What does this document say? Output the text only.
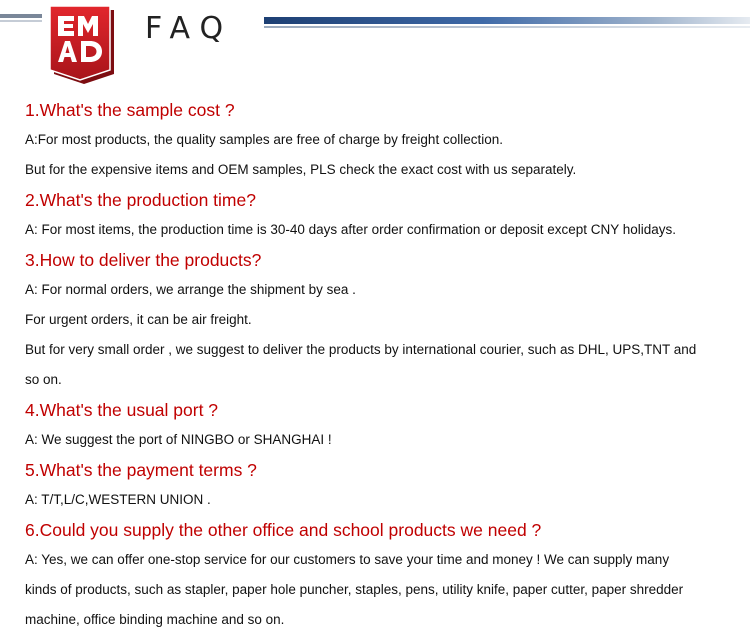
FAQ
1.What's the sample cost ?
A:For most products, the quality samples are free of charge by freight collection.
But for the expensive items and OEM samples, PLS check the exact cost with us separately.
2.What's the production time?
A: For most items, the production time is 30-40 days after order confirmation or deposit except CNY holidays.
3.How to deliver the products?
A: For normal orders, we arrange the shipment by sea .
For urgent orders, it can be air freight.
But for very small order , we suggest to deliver the products by international courier, such as DHL, UPS,TNT and
so on.
4.What's the usual port ?
A: We suggest the port of NINGBO or SHANGHAI !
5.What's the payment terms ?
A: T/T,L/C,WESTERN UNION .
6.Could you supply the other office and school products we need ?
A: Yes, we can offer one-stop service for our customers to save your time and money ! We can supply many
kinds of products, such as stapler, paper hole puncher, staples, pens, utility knife, paper cutter, paper shredder
machine, office binding machine and so on.
